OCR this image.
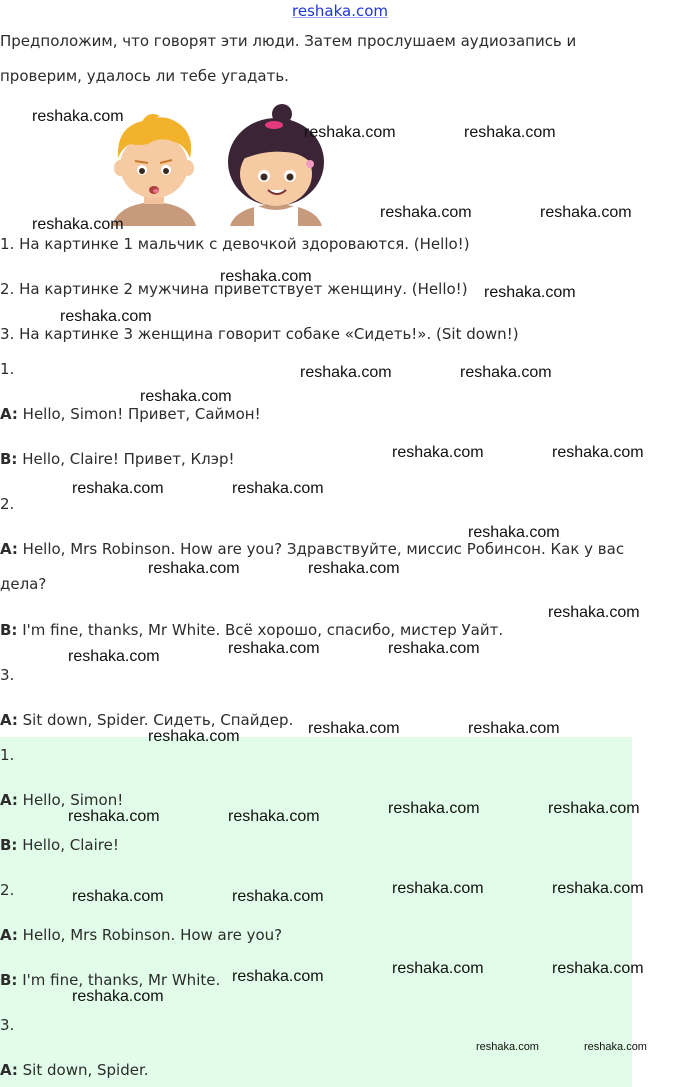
reshaka.com
Предположим, что говорят эти люди. Затем прослушаем аудиозапись и
проверим, удалось ли тебе угадать.
1. На картинке 1 мальчик с девочкой здороваются. (Hello!)
2. На картинке 2 мужчина приветствует женщину. (Hello!)
3. На картинке 3 женщина говорит собаке «Сидеть!». (Sit down!)
1.
A: Hello, Simon! Привет, Саймон!
B: Hello, Claire! Привет, Клэр!
2.
A: Hello, Mrs Robinson. How are you? Здравствуйте, миссис Робинсон. Как у вас
дела?
B: I'm fine, thanks, Mr White. Всё хорошо, спасибо, мистер Уайт.
3.
A: Sit down, Spider. Сидеть, Спайдер.
1.
A: Hello, Simon!
B: Hello, Claire!
2.
A: Hello, Mrs Robinson. How are you?
B: I'm fine, thanks, Mr White.
3.
A: Sit down, Spider.
reshaka.com
reshaka.com	reshaka.com
reshaka.com	reshaka.com
reshaka.com
reshaka.com
reshaka.com
reshaka.com
reshaka.com	reshaka.com
reshaka.com
reshaka.com	reshaka.com
reshaka.com	reshaka.com
reshaka.com
reshaka.com	reshaka.com
reshaka.com
reshaka.com	reshaka.com
reshaka.com
reshaka.com	reshaka.com
reshaka.com
reshaka.com	reshaka.com
reshaka.com	reshaka.com
reshaka.com	reshaka.com
reshaka.com	reshaka.com
reshaka.com	reshaka.com	reshaka.com
reshaka.com
reshaka.com	reshaka.com
